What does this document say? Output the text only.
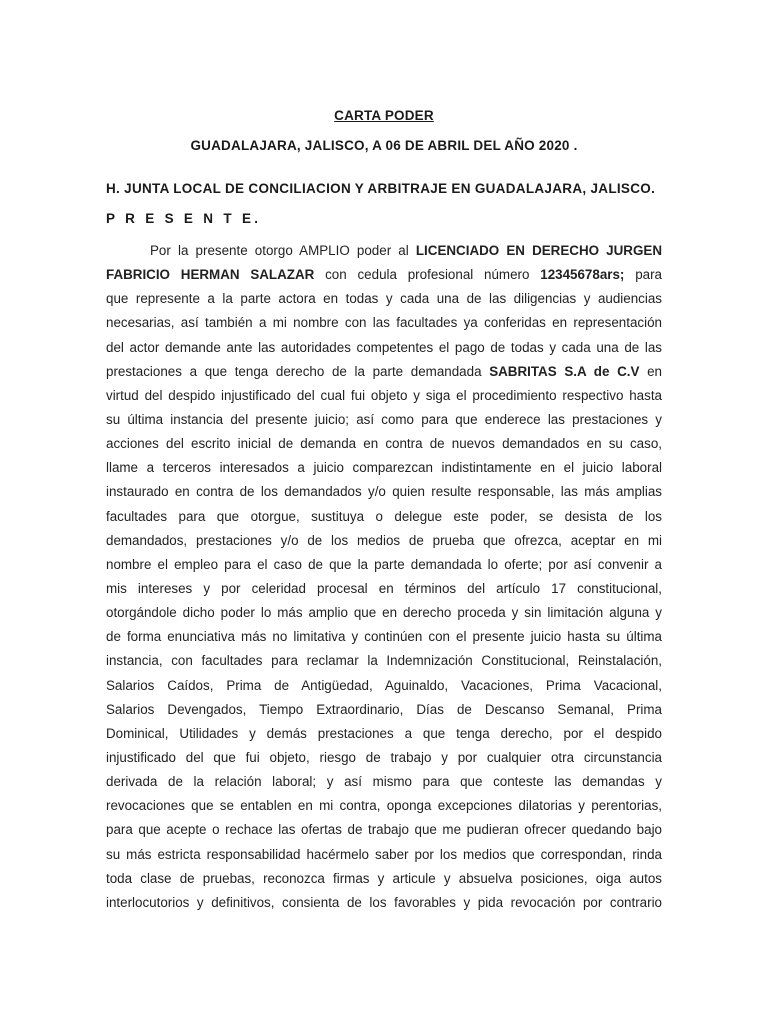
CARTA PODER
GUADALAJARA, JALISCO, A 06 DE ABRIL DEL AÑO 2020 .
H. JUNTA LOCAL DE CONCILIACION Y ARBITRAJE EN GUADALAJARA, JALISCO.
P R E S E N T E.
Por la presente otorgo AMPLIO poder al LICENCIADO EN DERECHO JURGEN
FABRICIO HERMAN SALAZAR con cedula profesional número 12345678ars; para
que represente a la parte actora en todas y cada una de las diligencias y audiencias
necesarias, así también a mi nombre con las facultades ya conferidas en representación
del actor demande ante las autoridades competentes el pago de todas y cada una de las
prestaciones a que tenga derecho de la parte demandada SABRITAS S.A de C.V en
virtud del despido injustificado del cual fui objeto y siga el procedimiento respectivo hasta
su última instancia del presente juicio; así como para que enderece las prestaciones y
acciones del escrito inicial de demanda en contra de nuevos demandados en su caso,
llame a terceros interesados a juicio comparezcan indistintamente en el juicio laboral
instaurado en contra de los demandados y/o quien resulte responsable, las más amplias
facultades para que otorgue, sustituya o delegue este poder, se desista de los
demandados, prestaciones y/o de los medios de prueba que ofrezca, aceptar en mi
nombre el empleo para el caso de que la parte demandada lo oferte; por así convenir a
mis intereses y por celeridad procesal en términos del artículo 17 constitucional,
otorgándole dicho poder lo más amplio que en derecho proceda y sin limitación alguna y
de forma enunciativa más no limitativa y continúen con el presente juicio hasta su última
instancia, con facultades para reclamar la Indemnización Constitucional, Reinstalación,
Salarios Caídos, Prima de Antigüedad, Aguinaldo, Vacaciones, Prima Vacacional,
Salarios Devengados, Tiempo Extraordinario, Días de Descanso Semanal, Prima
Dominical, Utilidades y demás prestaciones a que tenga derecho, por el despido
injustificado del que fui objeto, riesgo de trabajo y por cualquier otra circunstancia
derivada de la relación laboral; y así mismo para que conteste las demandas y
revocaciones que se entablen en mi contra, oponga excepciones dilatorias y perentorias,
para que acepte o rechace las ofertas de trabajo que me pudieran ofrecer quedando bajo
su más estricta responsabilidad hacérmelo saber por los medios que correspondan, rinda
toda clase de pruebas, reconozca firmas y articule y absuelva posiciones, oiga autos
interlocutorios y definitivos, consienta de los favorables y pida revocación por contrario
